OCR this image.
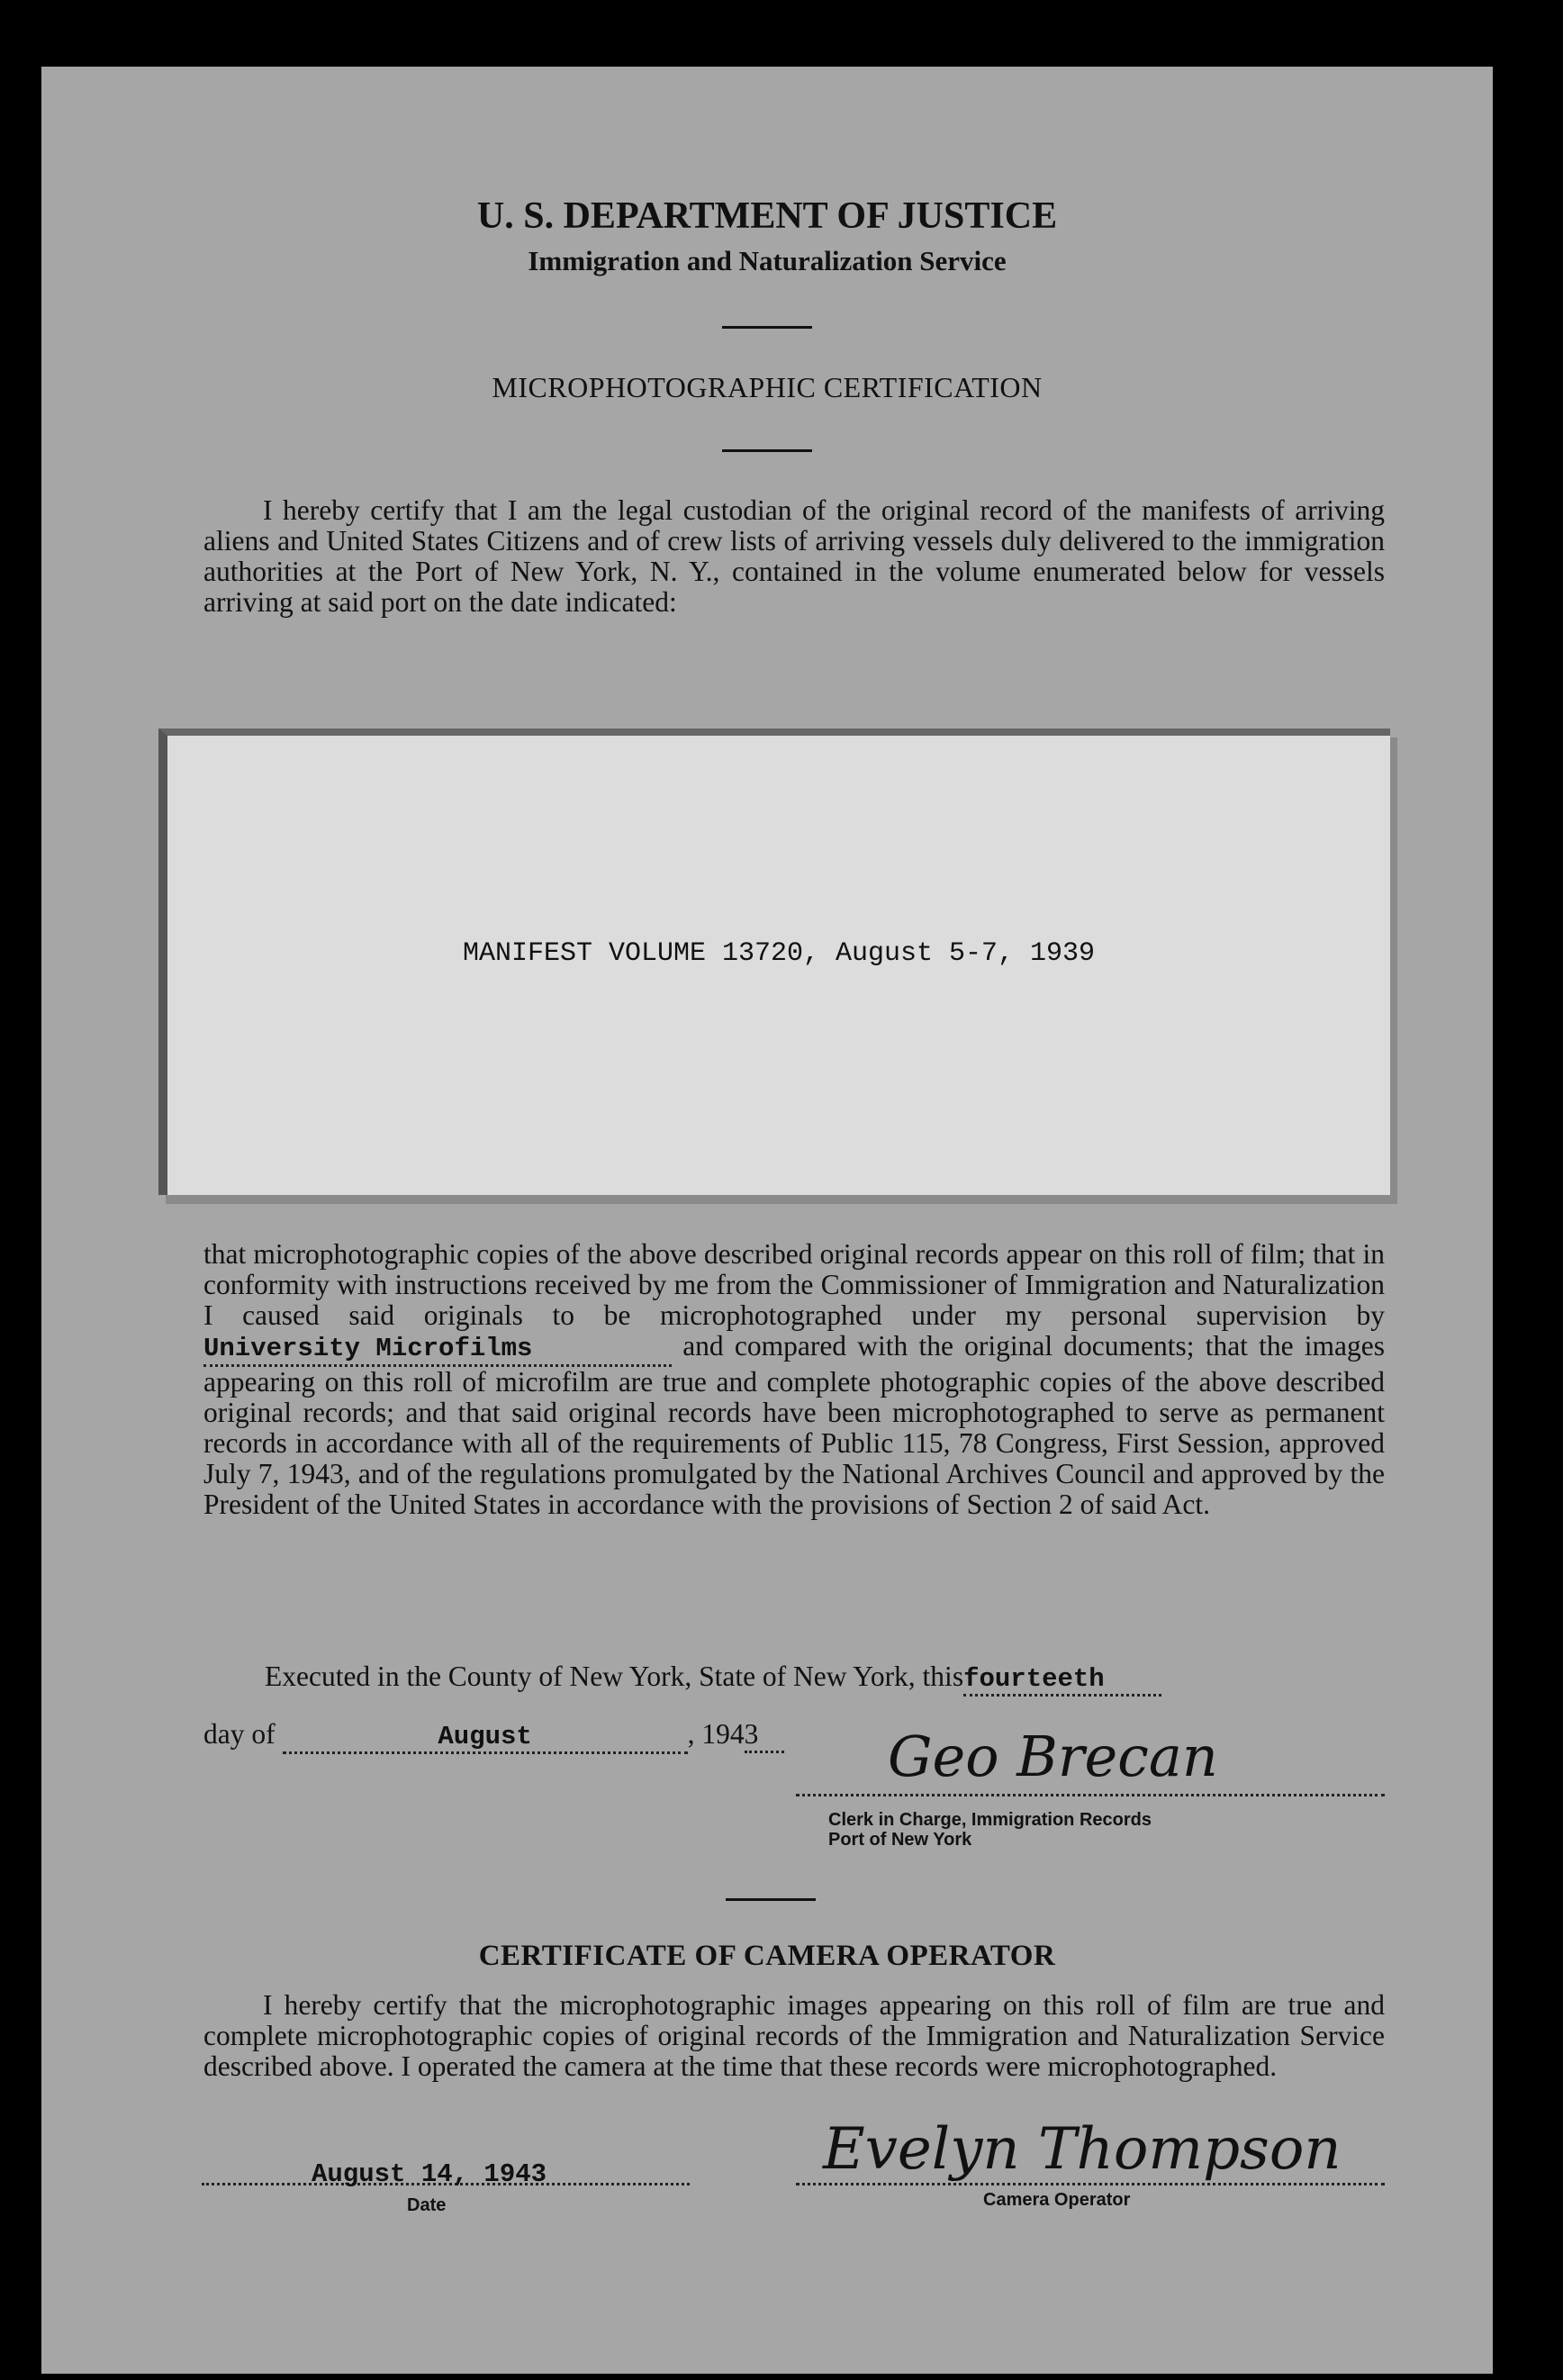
U. S. DEPARTMENT OF JUSTICE
Immigration and Naturalization Service
MICROPHOTOGRAPHIC CERTIFICATION
I hereby certify that I am the legal custodian of the original record of the manifests of arriving aliens and United States Citizens and of crew lists of arriving vessels duly delivered to the immigration authorities at the Port of New York, N. Y., contained in the volume enumerated below for vessels arriving at said port on the date indicated:
MANIFEST VOLUME 13720, August 5-7, 1939
that microphotographic copies of the above described original records appear on this roll of film; that in conformity with instructions received by me from the Commissioner of Immigration and Naturalization I caused said originals to be microphotographed under my personal supervision byUniversity Microfilms	and compared with the original documents; that the images appearing on this roll of microfilm are true and complete photographic copies of the above described original records; and that said original records have been microphotographed to serve as permanent records in accordance with all of the requirements of Public 115, 78 Congress, First Session, approved July 7, 1943, and of the regulations promulgated by the National Archives Council and approved by the President of the United States in accordance with the provisions of Section 2 of said Act.
Executed in the County of New York, State of New York, thisfourteeth
day of	August	, 1943	Geo Brecan
Clerk in Charge, Immigration Records
Port of New York
CERTIFICATE OF CAMERA OPERATOR
I hereby certify that the microphotographic images appearing on this roll of film are true and complete microphotographic copies of original records of the Immigration and Naturalization Service described above. I operated the camera at the time that these records were microphotographed.
August 14, 1943
Date
Evelyn Thompson
Camera Operator
